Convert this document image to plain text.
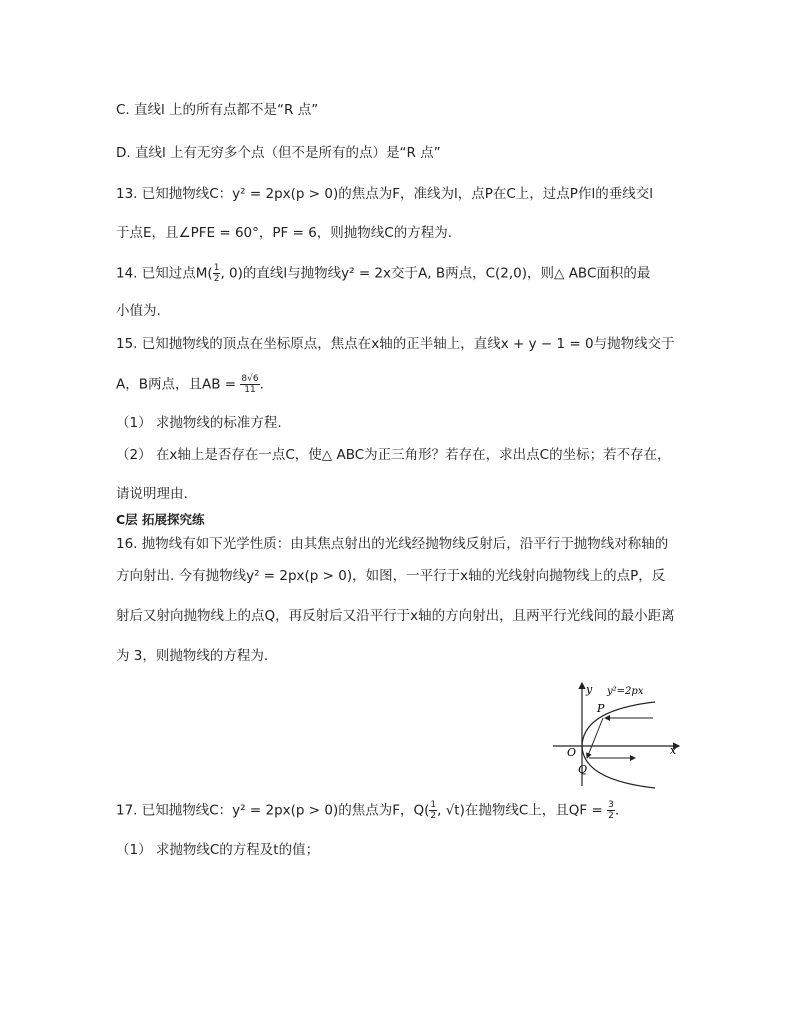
C. 直线l 上的所有点都不是“R 点”
D. 直线l 上有无穷多个点（但不是所有的点）是“R 点”
13. 已知抛物线C：y² = 2px(p > 0)的焦点为F，准线为l，点P在C上，过点P作l的垂线交l
于点E，且∠PFE = 60°，PF = 6，则抛物线C的方程为.
14. 已知过点$M( \frac{1}{2}$ , 0)的直线l与抛物线y² = 2x交于A, B两点，C(2,0)，则△ ABC面积的最
小值为.
15. 已知抛物线的顶点在坐标原点，焦点在x轴的正半轴上，直线x + y − 1 = 0与抛物线交于
A，B两点，且AB = $\frac{8√6}{11}$ .
（1） 求抛物线的标准方程.
（2） 在x轴上是否存在一点C，使△ ABC为正三角形？若存在，求出点C的坐标；若不存在，
请说明理由.
C层 拓展探究练
16. 抛物线有如下光学性质：由其焦点射出的光线经抛物线反射后，沿平行于抛物线对称轴的
方向射出. 今有抛物线y² = 2px(p > 0)，如图，一平行于x轴的光线射向抛物线上的点P，反
射后又射向抛物线上的点Q，再反射后又沿平行于x轴的方向射出，且两平行光线间的最小距离
为 3，则抛物线的方程为.
y y²=2px
P
O
Q
x
17. 已知抛物线C：y² = 2px(p > 0)的焦点为F，$Q( \frac{1}{2}$ , √t)在抛物线C上，且QF = $\frac{3}{2}$ .
（1） 求抛物线C的方程及t的值；
